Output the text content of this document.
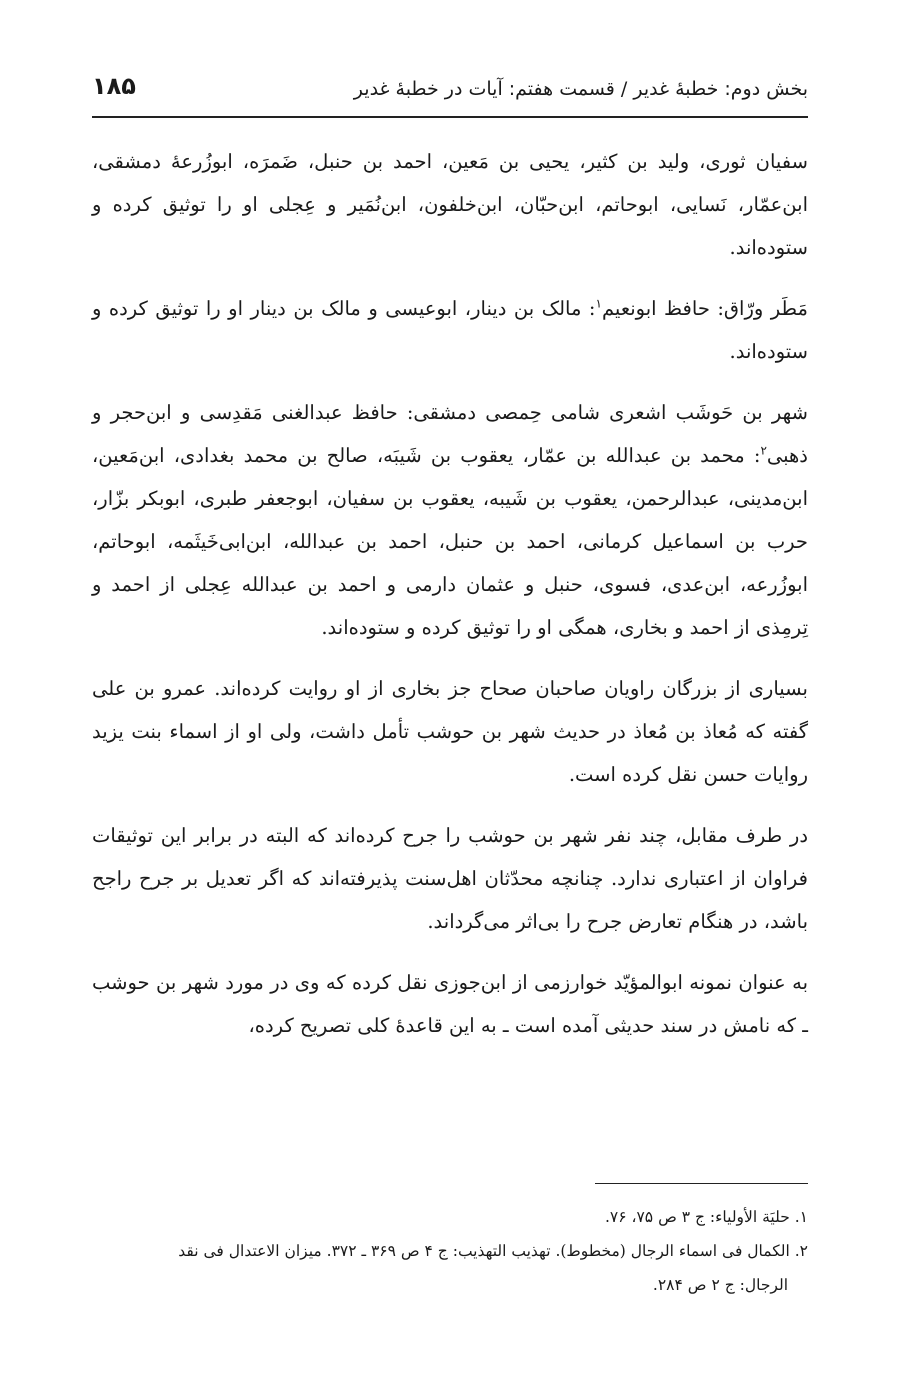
بخش دوم: خطبهٔ غدیر / قسمت هفتم: آیات در خطبهٔ غدیر
۱۸۵

سفیان ثوری، ولید بن کثیر، یحیی بن مَعین، احمد بن حنبل، ضَمرَه، ابوزُرعهٔ دمشقی، ابن‌عمّار، نَسایی، ابوحاتم، ابن‌حبّان، ابن‌خلفون، ابن‌نُمَیر و عِجلی او را توثیق کرده و ستوده‌اند.

مَطَر ورّاق: حافظ ابونعیم$^۱$: مالک بن دینار، ابوعیسی و مالک بن دینار او را توثیق کرده و ستوده‌اند.

شهر بن حَوشَب اشعری شامی حِمصی دمشقی: حافظ عبدالغنی مَقدِسی و ابن‌حجر و ذهبی$^۲$: محمد بن عبدالله بن عمّار، یعقوب بن شَیبَه، صالح بن محمد بغدادی، ابن‌مَعین، ابن‌مدینی، عبدالرحمن، یعقوب بن شَیبه، یعقوب بن سفیان، ابوجعفر طبری، ابوبکر بزّار، حرب بن اسماعیل کرمانی، احمد بن حنبل، احمد بن عبدالله، ابن‌ابی‌خَیثَمه، ابوحاتم، ابوزُرعه، ابن‌عدی، فسوی، حنبل و عثمان دارمی و احمد بن عبدالله عِجلی از احمد و تِرمِذی از احمد و بخاری، همگی او را توثیق کرده و ستوده‌اند.

بسیاری از بزرگان راویان صاحبان صحاح جز بخاری از او روایت کرده‌اند. عمرو بن علی گفته که مُعاذ بن مُعاذ در حدیث شهر بن حوشب تأمل داشت، ولی او از اسماء بنت یزید روایات حسن نقل کرده است.

در طرف مقابل، چند نفر شهر بن حوشب را جرح کرده‌اند که البته در برابر این توثیقات فراوان از اعتباری ندارد. چنانچه محدّثان اهل‌سنت پذیرفته‌اند که اگر تعدیل بر جرح راجح باشد، در هنگام تعارض جرح را بی‌اثر می‌گرداند.

به عنوان نمونه ابوالمؤیّد خوارزمی از ابن‌جوزی نقل کرده که وی در مورد شهر بن حوشب ـ که نامش در سند حدیثی آمده است ـ به این قاعدهٔ کلی تصریح کرده،

۱. حلیَة الأولیاء: ج ۳ ص ۷۵، ۷۶.

۲. الکمال فی اسماء الرجال (مخطوط). تهذیب التهذیب: ج ۴ ص ۳۶۹ ـ ۳۷۲. میزان الاعتدال فی نقد

الرجال: ج ۲ ص ۲۸۴.
